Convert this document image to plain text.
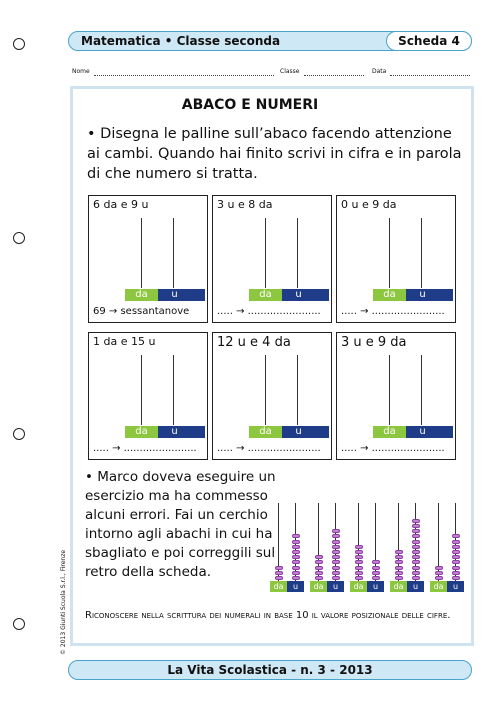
Matematica • Classe seconda	Scheda 4
Nome	Classe	Data
ABACO E NUMERI
• Disegna le palline sull’abaco facendo attenzione ai cambi. Quando hai finito scrivi in cifra e in parola di che numero si tratta.
6 da e 9 u
da	u
69 → sessantanove
3 u e 8 da
da	u
..... → .......................
0 u e 9 da
da	u
..... → .......................
1 da e 15 u
da	u
..... → .......................
12 u e 4 da
da	u
..... → .......................
3 u e 9 da
da	u
..... → .......................
• Marco doveva eseguire un esercizio ma ha commesso alcuni errori. Fai un cerchio intorno agli abachi in cui ha sbagliato e poi correggili sul retro della scheda.
da	u	da	u	da	u	da	u	da	u
Riconoscere nella scrittura dei numerali in base 10 il valore posizionale delle cifre.
La Vita Scolastica - n. 3 - 2013
© 2013 Giunti Scuola S.r.l., Firenze
